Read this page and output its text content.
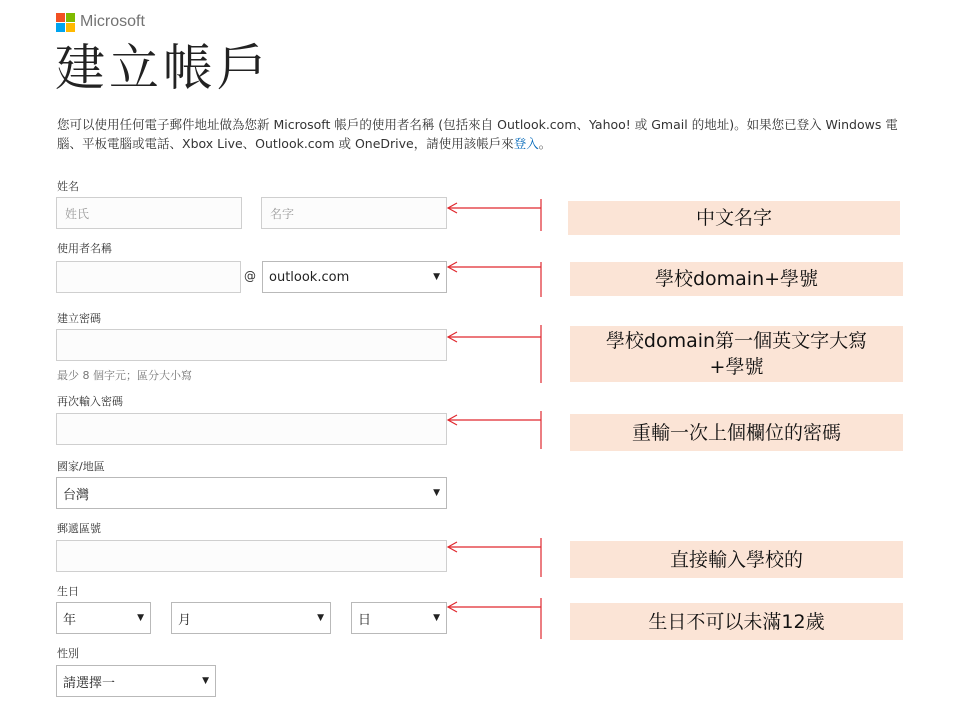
Microsoft
建立帳戶

您可以使用任何電子郵件地址做為您新 Microsoft 帳戶的使用者名稱 (包括來自 Outlook.com、Yahoo! 或 Gmail 的地址)。如果您已登入 Windows 電腦、平板電腦或電話、Xbox Live、Outlook.com 或 OneDrive，請使用該帳戶來登入。

姓名
姓氏	名字
使用者名稱
@ outlook.com	▼
建立密碼
最少 8 個字元；區分大小寫
再次輸入密碼
國家/地區
台灣	▼
郵遞區號
生日
年	▼	月	▼	日	▼
性別
請選擇一	▼
中文名字
學校domain+學號
學校domain第一個英文字大寫+學號
重輸一次上個欄位的密碼
直接輸入學校的
生日不可以未滿12歲
